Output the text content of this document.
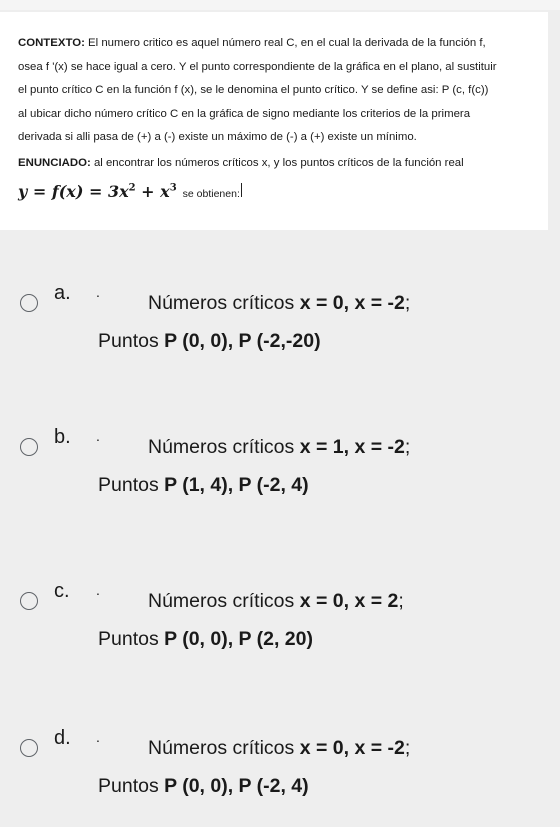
CONTEXTO: El numero critico es aquel número real C, en el cual la derivada de la función f,
osea f '(x) se hace igual a cero. Y el punto correspondiente de la gráfica en el plano, al sustituir
el punto crítico C en la función f (x), se le denomina el punto crítico. Y se define asi: P (c, f(c))
al ubicar dicho número crítico C en la gráfica de signo mediante los criterios de la primera
derivada si alli pasa de (+) a (-) existe un máximo de (-) a (+) existe un mínimo.

ENUNCIADO: al encontrar los números críticos x, y los puntos críticos de la función real

$y = f(x) = 3x^2 + x^3$ se obtienen:
a. . Números críticos x = 0, x = -2;
Puntos P (0, 0), P (-2,-20)
b. . Números críticos x = 1, x = -2;
Puntos P (1, 4), P (-2, 4)
c. . Números críticos x = 0, x = 2;
Puntos P (0, 0), P (2, 20)
d. . Números críticos x = 0, x = -2;
Puntos P (0, 0), P (-2, 4)
